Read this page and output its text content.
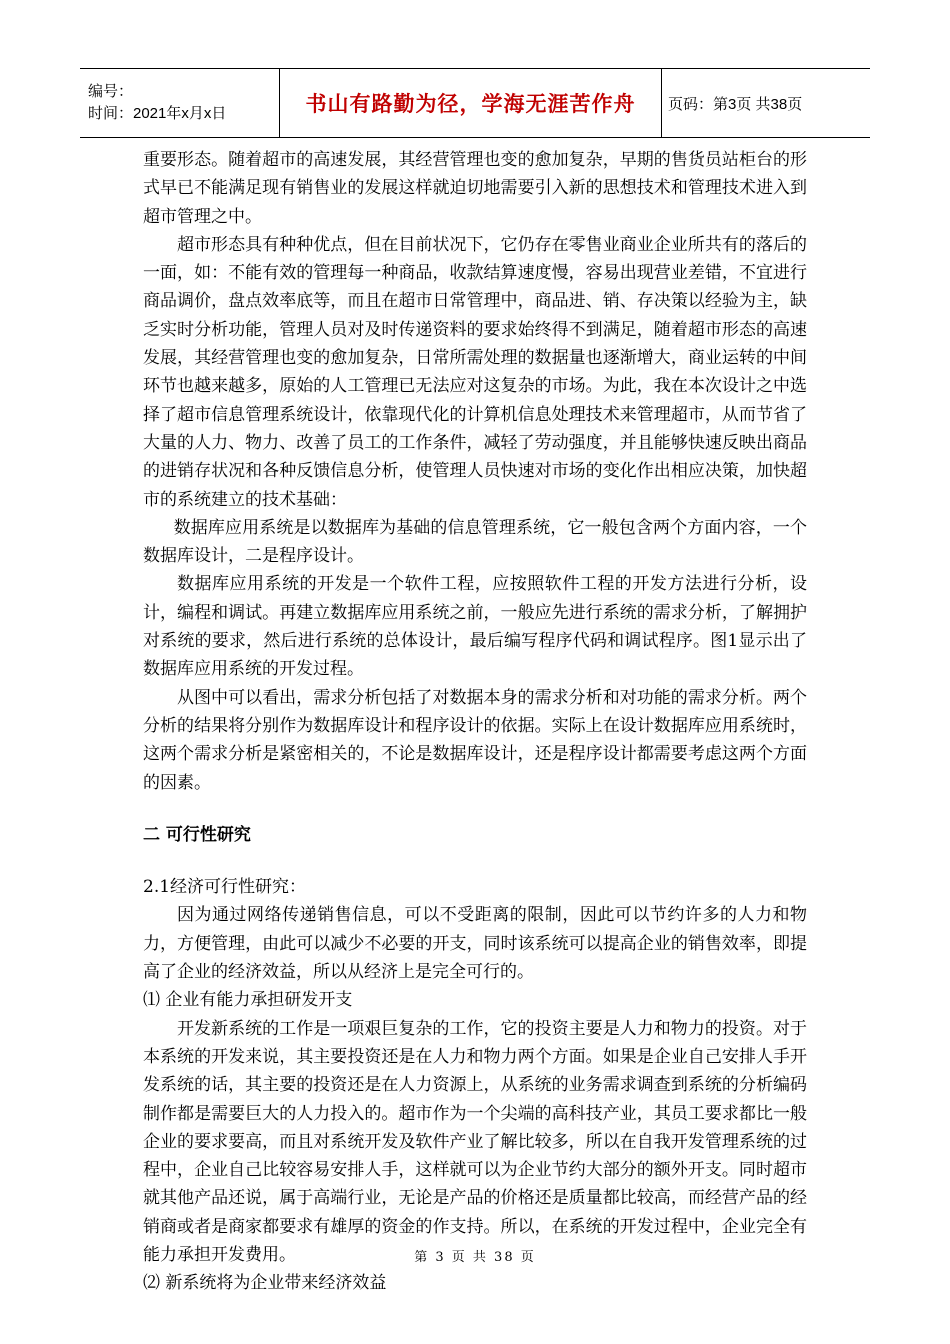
编号：
时间：2021年x月x日	书山有路勤为径，学海无涯苦作舟 页码：第3页 共38页

重要形态。随着超市的高速发展，其经营管理也变的愈加复杂，早期的售货员站柜台的形式早已不能满足现有销售业的发展这样就迫切地需要引入新的思想技术和管理技术进入到超市管理之中。

超市形态具有种种优点，但在目前状况下，它仍存在零售业商业企业所共有的落后的一面，如：不能有效的管理每一种商品，收款结算速度慢，容易出现营业差错，不宜进行商品调价，盘点效率底等，而且在超市日常管理中，商品进、销、存决策以经验为主，缺乏实时分析功能，管理人员对及时传递资料的要求始终得不到满足，随着超市形态的高速发展，其经营管理也变的愈加复杂，日常所需处理的数据量也逐渐增大，商业运转的中间环节也越来越多，原始的人工管理已无法应对这复杂的市场。为此，我在本次设计之中选择了超市信息管理系统设计，依靠现代化的计算机信息处理技术来管理超市，从而节省了大量的人力、物力、改善了员工的工作条件，减轻了劳动强度，并且能够快速反映出商品的进销存状况和各种反馈信息分析，使管理人员快速对市场的变化作出相应决策，加快超市的系统建立的技术基础：

数据库应用系统是以数据库为基础的信息管理系统，它一般包含两个方面内容，一个数据库设计，二是程序设计。

数据库应用系统的开发是一个软件工程，应按照软件工程的开发方法进行分析，设计，编程和调试。再建立数据库应用系统之前，一般应先进行系统的需求分析，了解拥护对系统的要求，然后进行系统的总体设计，最后编写程序代码和调试程序。图1显示出了数据库应用系统的开发过程。

从图中可以看出，需求分析包括了对数据本身的需求分析和对功能的需求分析。两个分析的结果将分别作为数据库设计和程序设计的依据。实际上在设计数据库应用系统时，这两个需求分析是紧密相关的，不论是数据库设计，还是程序设计都需要考虑这两个方面的因素。

二 可行性研究

2.1经济可行性研究：

因为通过网络传递销售信息，可以不受距离的限制，因此可以节约许多的人力和物力，方便管理，由此可以减少不必要的开支，同时该系统可以提高企业的销售效率，即提高了企业的经济效益，所以从经济上是完全可行的。

⑴ 企业有能力承担研发开支

开发新系统的工作是一项艰巨复杂的工作，它的投资主要是人力和物力的投资。对于本系统的开发来说，其主要投资还是在人力和物力两个方面。如果是企业自己安排人手开发系统的话，其主要的投资还是在人力资源上，从系统的业务需求调查到系统的分析编码制作都是需要巨大的人力投入的。超市作为一个尖端的高科技产业，其员工要求都比一般企业的要求要高，而且对系统开发及软件产业了解比较多，所以在自我开发管理系统的过程中，企业自己比较容易安排人手，这样就可以为企业节约大部分的额外开支。同时超市就其他产品还说，属于高端行业，无论是产品的价格还是质量都比较高，而经营产品的经销商或者是商家都要求有雄厚的资金的作支持。所以，在系统的开发过程中，企业完全有能力承担开发费用。

⑵ 新系统将为企业带来经济效益

第 3 页 共 38 页
